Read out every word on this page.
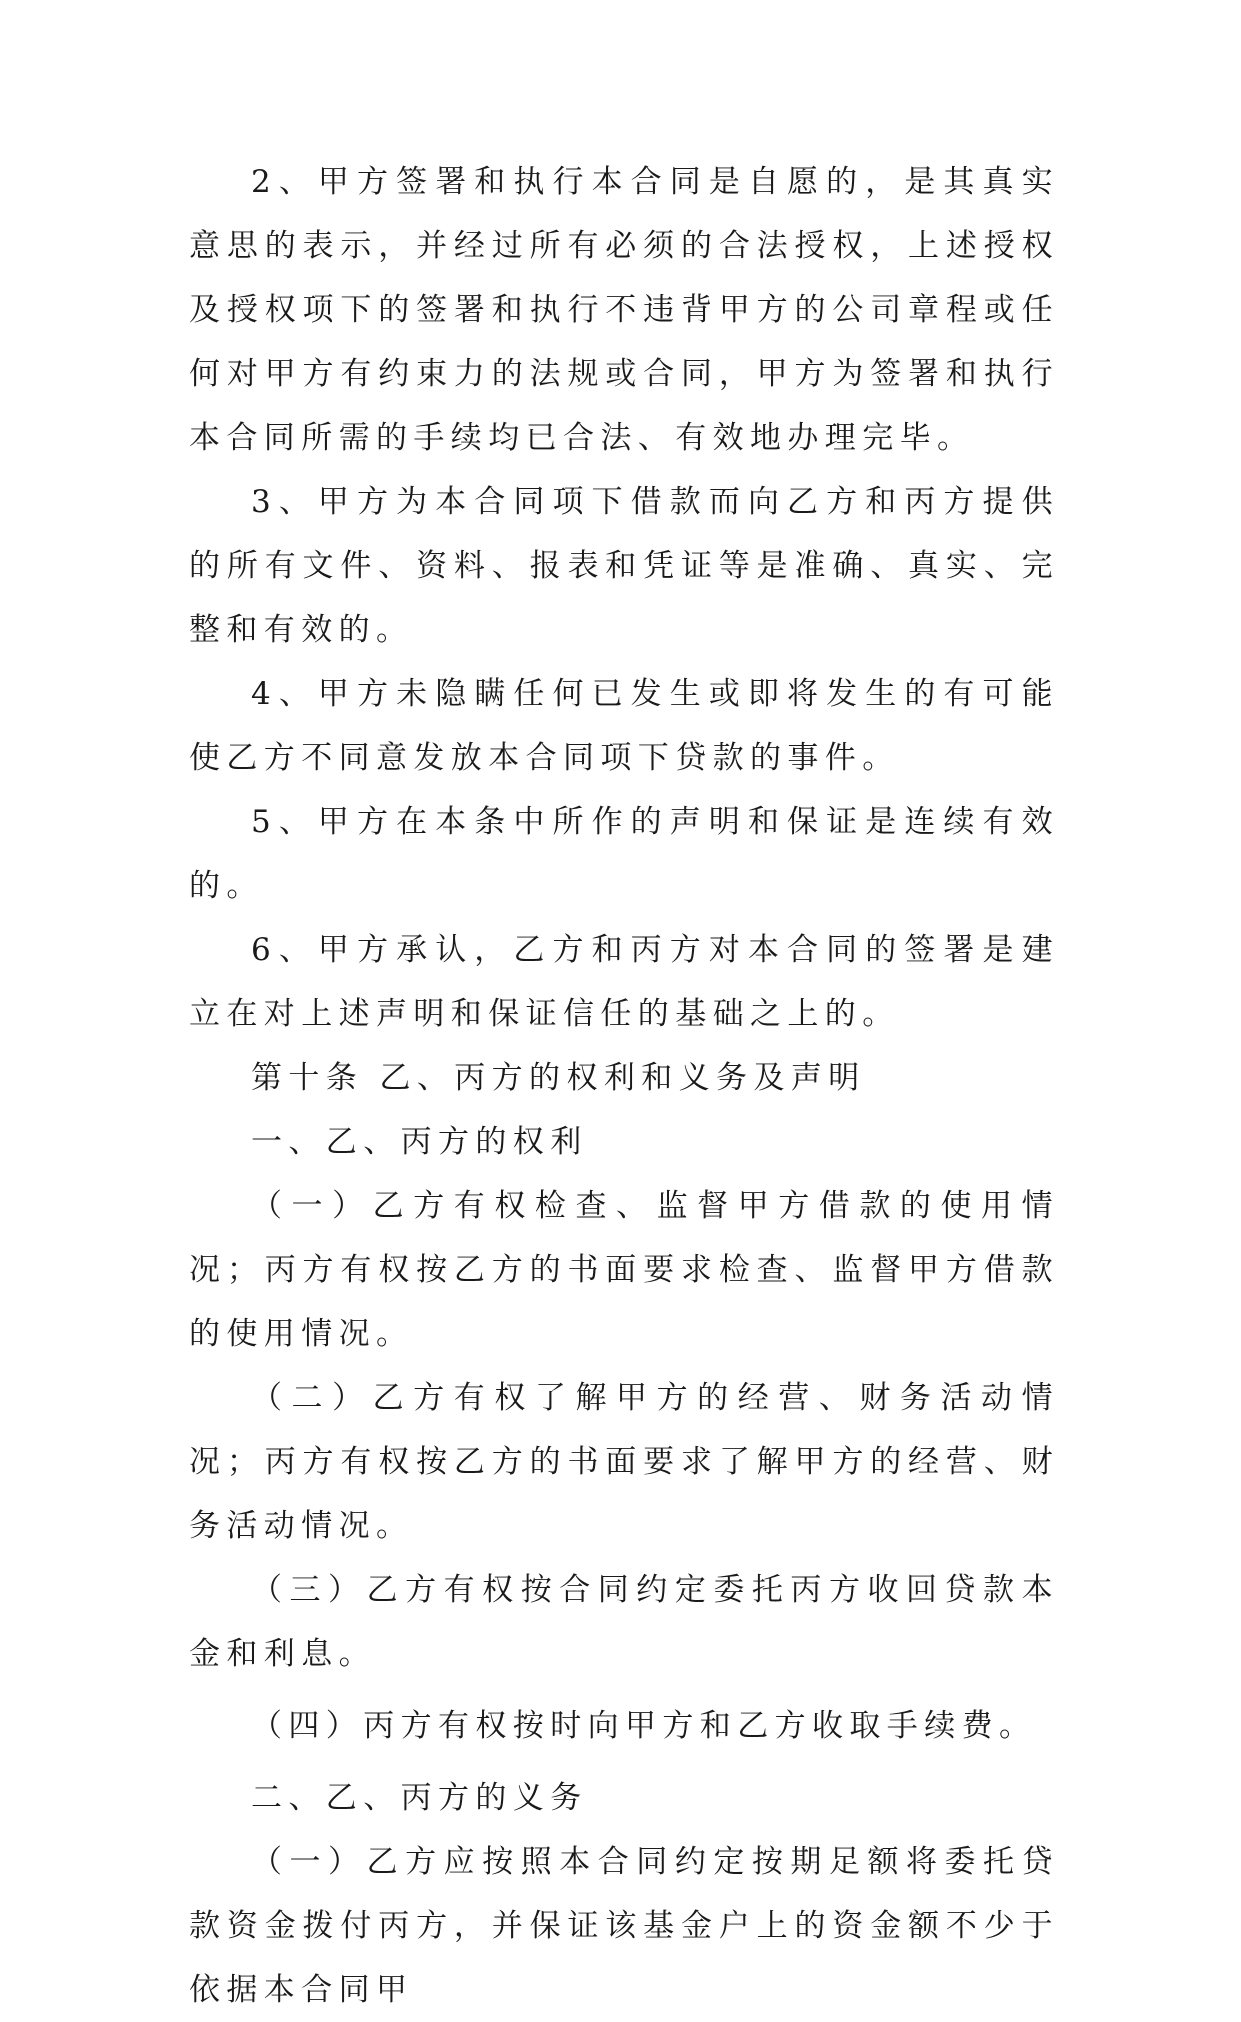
2、甲方签署和执行本合同是自愿的，是其真实意思的表示，并经过所有必须的合法授权，上述授权及授权项下的签署和执行不违背甲方的公司章程或任何对甲方有约束力的法规或合同，甲方为签署和执行本合同所需的手续均已合法、有效地办理完毕。

3、甲方为本合同项下借款而向乙方和丙方提供的所有文件、资料、报表和凭证等是准确、真实、完整和有效的。

4、甲方未隐瞒任何已发生或即将发生的有可能使乙方不同意发放本合同项下贷款的事件。

5、甲方在本条中所作的声明和保证是连续有效的。

6、甲方承认，乙方和丙方对本合同的签署是建立在对上述声明和保证信任的基础之上的。

第十条 乙、丙方的权利和义务及声明

一、乙、丙方的权利

（一）乙方有权检查、监督甲方借款的使用情况；丙方有权按乙方的书面要求检查、监督甲方借款的使用情况。

（二）乙方有权了解甲方的经营、财务活动情况；丙方有权按乙方的书面要求了解甲方的经营、财务活动情况。

（三）乙方有权按合同约定委托丙方收回贷款本金和利息。

（四）丙方有权按时向甲方和乙方收取手续费。

二、乙、丙方的义务

（一）乙方应按照本合同约定按期足额将委托贷款资金拨付丙方，并保证该基金户上的资金额不少于依据本合同甲
